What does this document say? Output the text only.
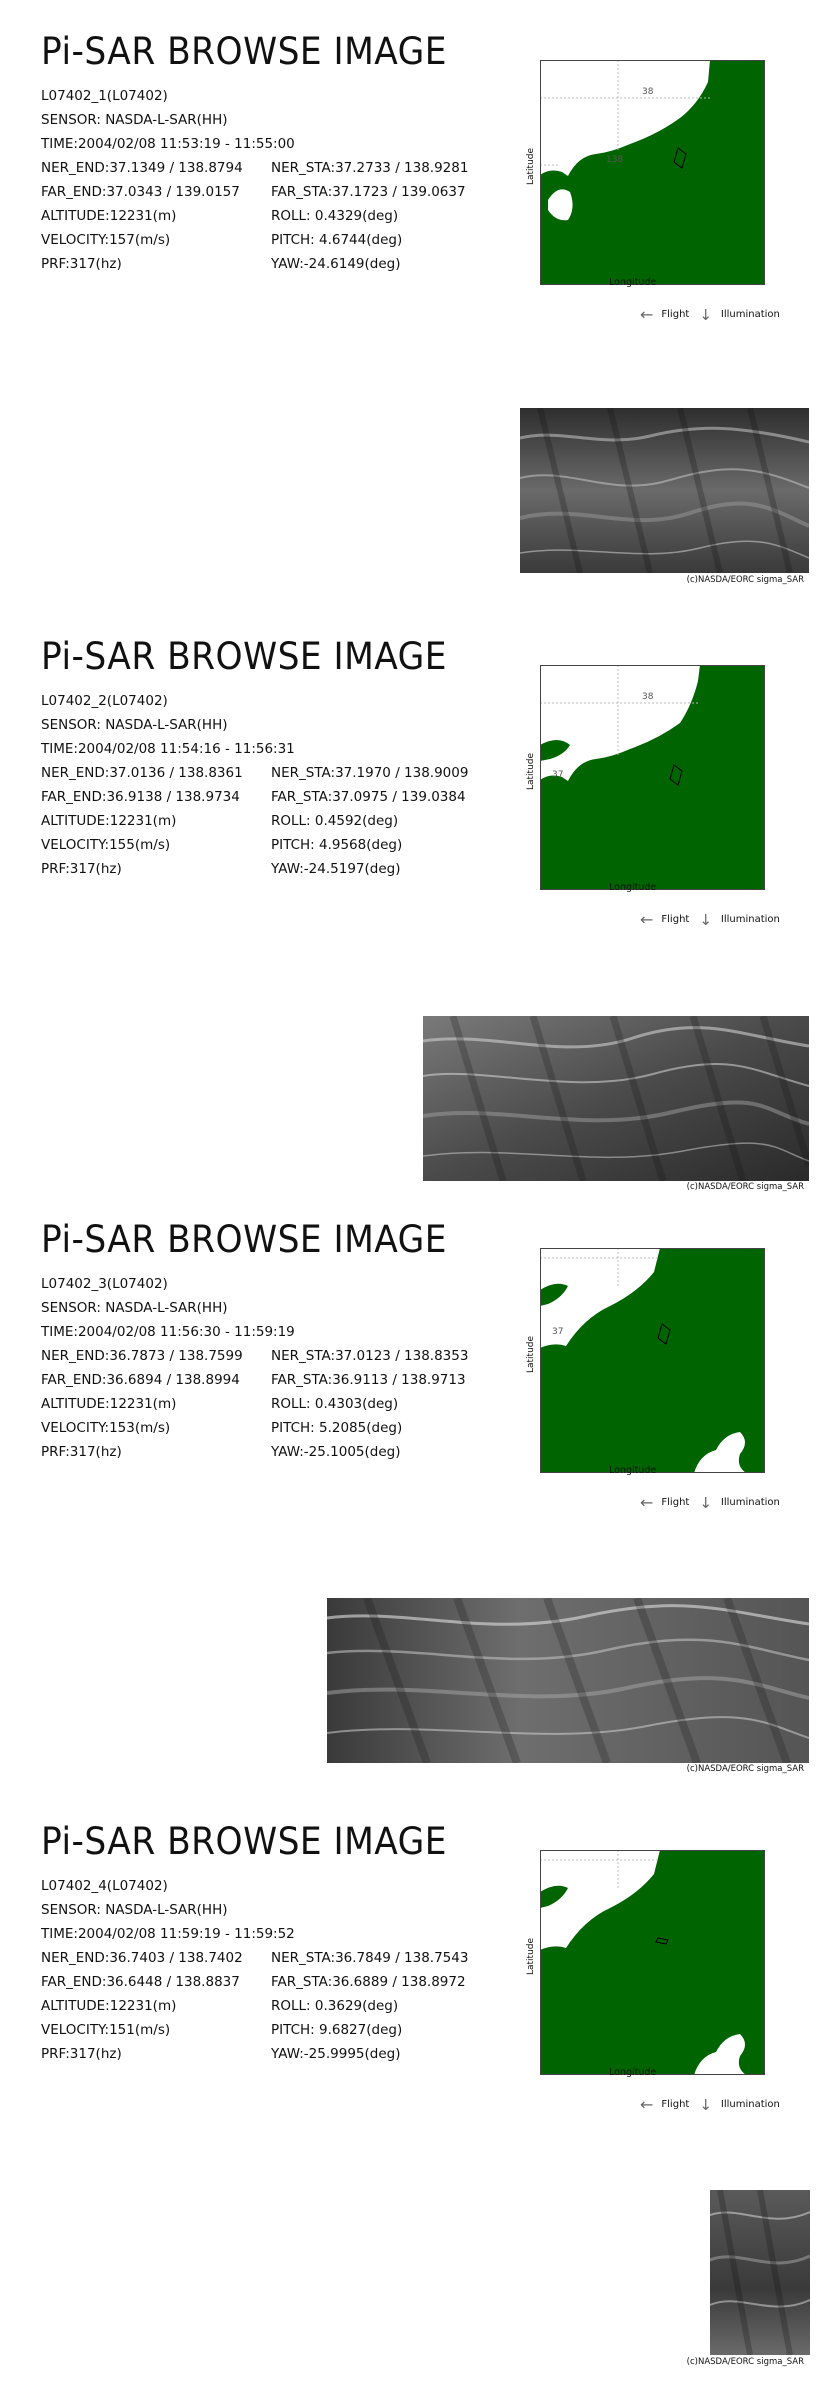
Pi-SAR BROWSE IMAGE
L07402_1(L07402)
SENSOR: NASDA-L-SAR(HH)
TIME:2004/02/08 11:53:19 - 11:55:00
NER_END:37.1349 / 138.8794 NER_STA:37.2733 / 138.9281
FAR_END:37.0343 / 139.0157 FAR_STA:37.1723 / 139.0637
ALTITUDE:12231(m)	ROLL: 0.4329(deg)
VELOCITY:157(m/s)	PITCH: 4.6744(deg)
PRF:317(hz)	YAW:-24.6149(deg)
38
138
Latitude
Longitude
← Flight ↓ Illumination
(c)NASDA/EORC sigma_SAR
Pi-SAR BROWSE IMAGE
L07402_2(L07402)
SENSOR: NASDA-L-SAR(HH)
TIME:2004/02/08 11:54:16 - 11:56:31
NER_END:37.0136 / 138.8361 NER_STA:37.1970 / 138.9009
FAR_END:36.9138 / 138.9734 FAR_STA:37.0975 / 139.0384
ALTITUDE:12231(m)	ROLL: 0.4592(deg)
VELOCITY:155(m/s)	PITCH: 4.9568(deg)
PRF:317(hz)	YAW:-24.5197(deg)
38
37
Latitude
Longitude
← Flight ↓ Illumination
(c)NASDA/EORC sigma_SAR
Pi-SAR BROWSE IMAGE
L07402_3(L07402)
SENSOR: NASDA-L-SAR(HH)
TIME:2004/02/08 11:56:30 - 11:59:19
NER_END:36.7873 / 138.7599 NER_STA:37.0123 / 138.8353
FAR_END:36.6894 / 138.8994 FAR_STA:36.9113 / 138.9713
ALTITUDE:12231(m)	ROLL: 0.4303(deg)
VELOCITY:153(m/s)	PITCH: 5.2085(deg)
PRF:317(hz)	YAW:-25.1005(deg)
37
Latitude
Longitude
← Flight ↓ Illumination
(c)NASDA/EORC sigma_SAR
Pi-SAR BROWSE IMAGE
L07402_4(L07402)
SENSOR: NASDA-L-SAR(HH)
TIME:2004/02/08 11:59:19 - 11:59:52
NER_END:36.7403 / 138.7402 NER_STA:36.7849 / 138.7543
FAR_END:36.6448 / 138.8837 FAR_STA:36.6889 / 138.8972
ALTITUDE:12231(m)	ROLL: 0.3629(deg)
VELOCITY:151(m/s)	PITCH: 9.6827(deg)
PRF:317(hz)	YAW:-25.9995(deg)
Latitude
Longitude
← Flight ↓ Illumination
(c)NASDA/EORC sigma_SAR
